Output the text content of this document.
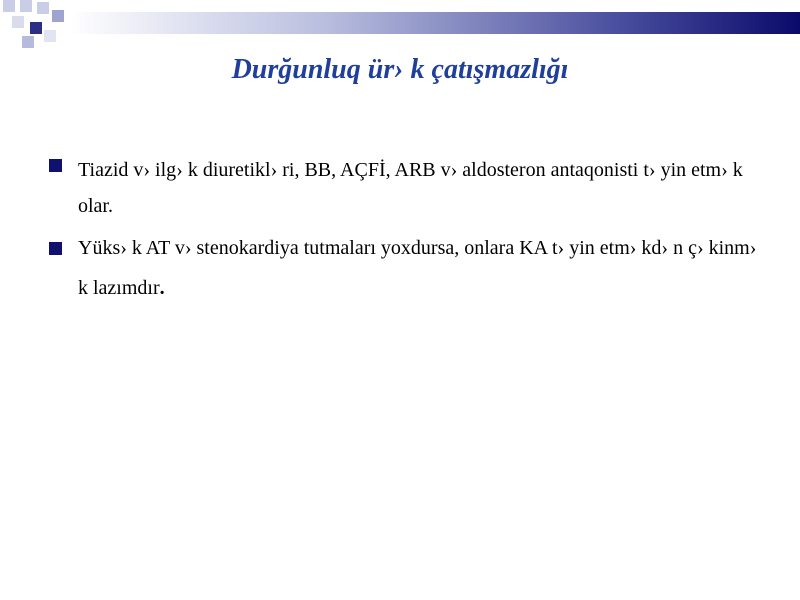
Durğunluq ür› k çatışmazlığı
Tiazid v› ilg› k diuretikl› ri, BB, AÇFİ, ARB v› aldosteron antaqonisti t› yin etm› k olar.
Yüks› k AT v› stenokardiya tutmaları yoxdursa, onlara KA t› yin etm› kd› n ç› kinm› k lazımdır.
